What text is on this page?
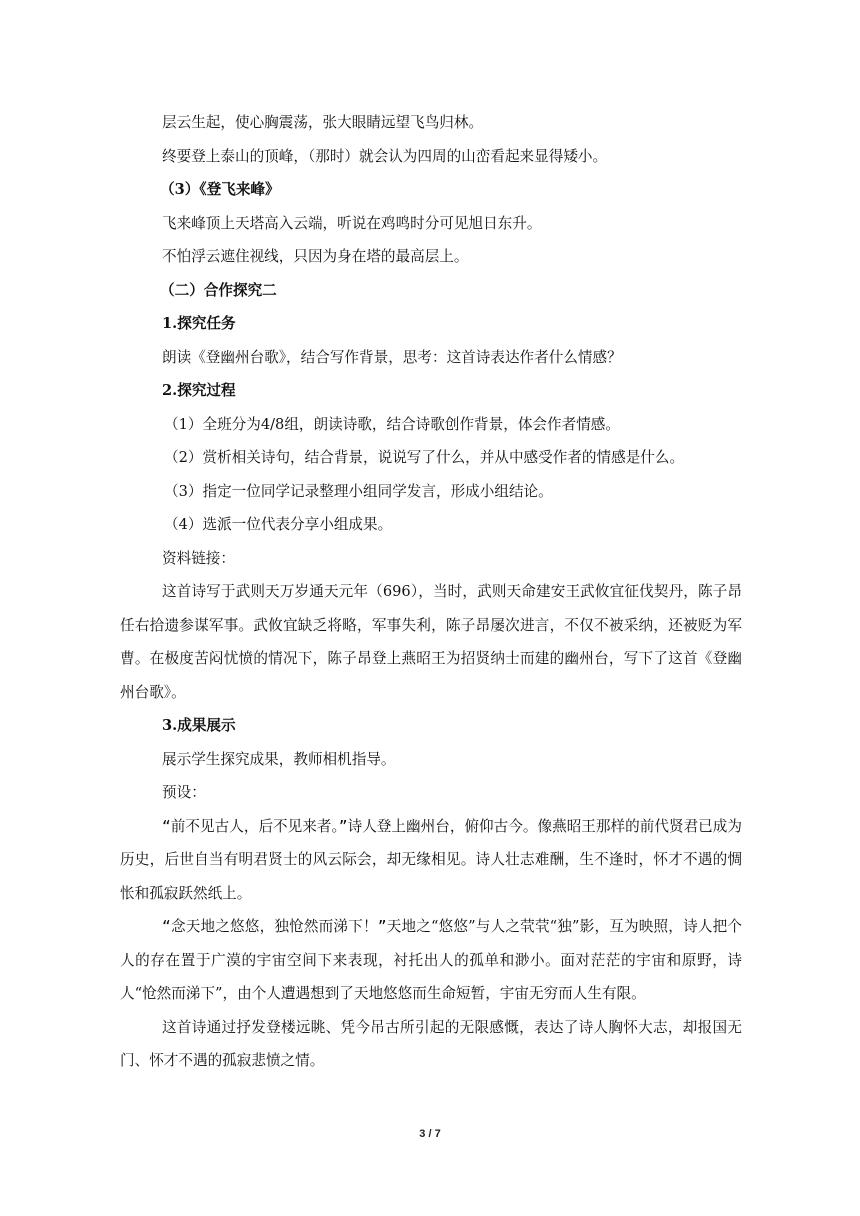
层云生起，使心胸震荡，张大眼睛远望飞鸟归林。

终要登上泰山的顶峰，（那时）就会认为四周的山峦看起来显得矮小。

（3）《登飞来峰》

飞来峰顶上天塔高入云端，听说在鸡鸣时分可见旭日东升。

不怕浮云遮住视线，只因为身在塔的最高层上。

（二）合作探究二

1.探究任务

朗读《登幽州台歌》，结合写作背景，思考：这首诗表达作者什么情感？

2.探究过程

（1）全班分为4/8组，朗读诗歌，结合诗歌创作背景，体会作者情感。

（2）赏析相关诗句，结合背景，说说写了什么，并从中感受作者的情感是什么。

（3）指定一位同学记录整理小组同学发言，形成小组结论。

（4）选派一位代表分享小组成果。

资料链接：

这首诗写于武则天万岁通天元年（696），当时，武则天命建安王武攸宜征伐契丹，陈子昂任右拾遗参谋军事。武攸宜缺乏将略，军事失利，陈子昂屡次进言，不仅不被采纳，还被贬为军曹。在极度苦闷忧愤的情况下，陈子昂登上燕昭王为招贤纳士而建的幽州台，写下了这首《登幽州台歌》。

3.成果展示

展示学生探究成果，教师相机指导。

预设：

“前不见古人，后不见来者。”诗人登上幽州台，俯仰古今。像燕昭王那样的前代贤君已成为历史，后世自当有明君贤士的风云际会，却无缘相见。诗人壮志难酬，生不逢时，怀才不遇的惆怅和孤寂跃然纸上。

“念天地之悠悠，独怆然而涕下！”天地之“悠悠”与人之茕茕“独”影，互为映照，诗人把个人的存在置于广漠的宇宙空间下来表现，衬托出人的孤单和渺小。面对茫茫的宇宙和原野，诗人“怆然而涕下”，由个人遭遇想到了天地悠悠而生命短暂，宇宙无穷而人生有限。

这首诗通过抒发登楼远眺、凭今吊古所引起的无限感慨，表达了诗人胸怀大志，却报国无门、怀才不遇的孤寂悲愤之情。

3 / 7
